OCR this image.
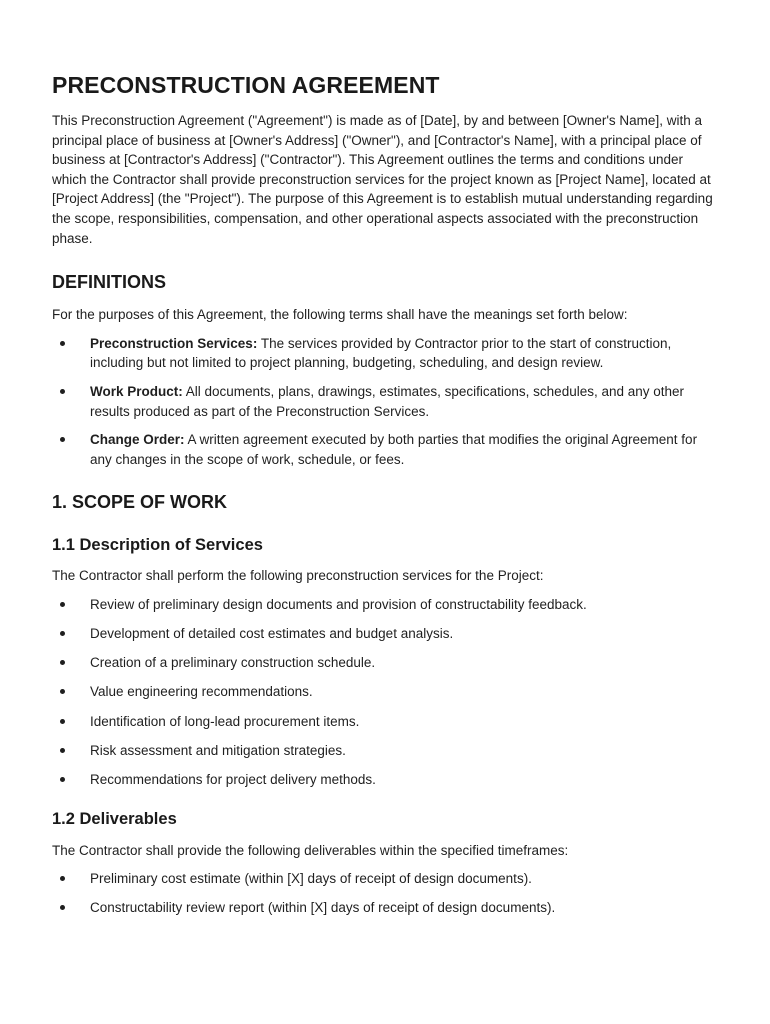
PRECONSTRUCTION AGREEMENT

This Preconstruction Agreement ("Agreement") is made as of [Date], by and between [Owner's Name], with a principal place of business at [Owner's Address] ("Owner"), and [Contractor's Name], with a principal place of business at [Contractor's Address] ("Contractor"). This Agreement outlines the terms and conditions under which the Contractor shall provide preconstruction services for the project known as [Project Name], located at [Project Address] (the "Project"). The purpose of this Agreement is to establish mutual understanding regarding the scope, responsibilities, compensation, and other operational aspects associated with the preconstruction phase.

DEFINITIONS

For the purposes of this Agreement, the following terms shall have the meanings set forth below:

Preconstruction Services: The services provided by Contractor prior to the start of construction, including but not limited to project planning, budgeting, scheduling, and design review.
Work Product: All documents, plans, drawings, estimates, specifications, schedules, and any other results produced as part of the Preconstruction Services.
Change Order: A written agreement executed by both parties that modifies the original Agreement for any changes in the scope of work, schedule, or fees.
1. SCOPE OF WORK
1.1 Description of Services

The Contractor shall perform the following preconstruction services for the Project:

Review of preliminary design documents and provision of constructability feedback.
Development of detailed cost estimates and budget analysis.
Creation of a preliminary construction schedule.
Value engineering recommendations.
Identification of long-lead procurement items.
Risk assessment and mitigation strategies.
Recommendations for project delivery methods.
1.2 Deliverables

The Contractor shall provide the following deliverables within the specified timeframes:

Preliminary cost estimate (within [X] days of receipt of design documents).
Constructability review report (within [X] days of receipt of design documents).
